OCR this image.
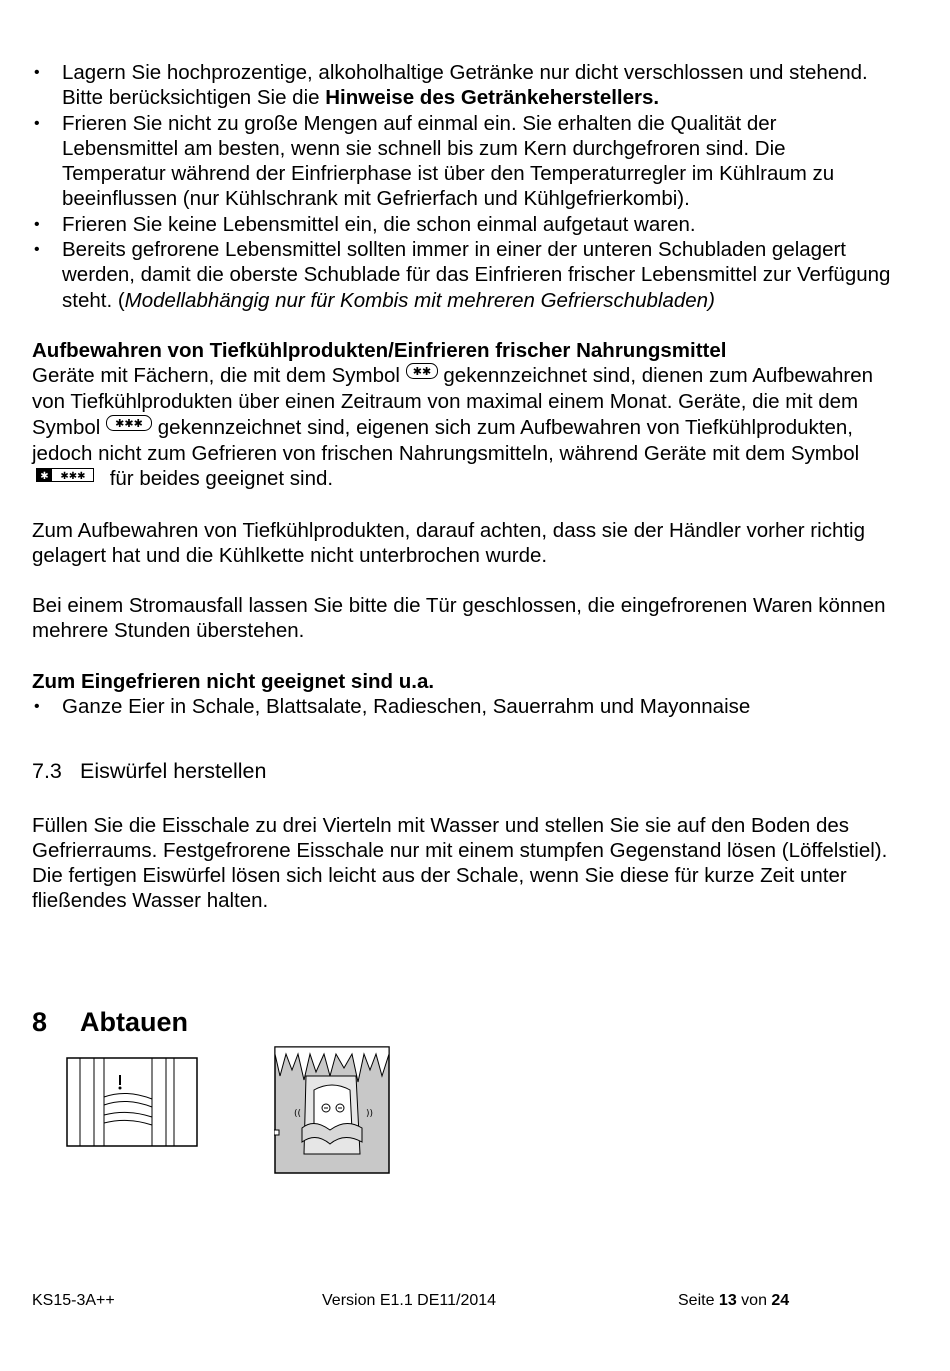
• Lagern Sie hochprozentige, alkoholhaltige Getränke nur dicht verschlossen und stehend. Bitte berücksichtigen Sie die Hinweise des Getränkeherstellers.
• Frieren Sie nicht zu große Mengen auf einmal ein. Sie erhalten die Qualität der Lebensmittel am besten, wenn sie schnell bis zum Kern durchgefroren sind. Die Temperatur während der Einfrierphase ist über den Temperaturregler im Kühlraum zu beeinflussen (nur Kühlschrank mit Gefrierfach und Kühlgefrierkombi).
• Frieren Sie keine Lebensmittel ein, die schon einmal aufgetaut waren.
• Bereits gefrorene Lebensmittel sollten immer in einer der unteren Schubladen gelagert werden, damit die oberste Schublade für das Einfrieren frischer Lebensmittel zur Verfügung steht. (Modellabhängig nur für Kombis mit mehreren Gefrierschubladen)

Aufbewahren von Tiefkühlprodukten/Einfrieren frischer Nahrungsmittel

Geräte mit Fächern, die mit dem Symbol ✱✱ gekennzeichnet sind, dienen zum Aufbewahren von Tiefkühlprodukten über einen Zeitraum von maximal einem Monat. Geräte, die mit dem Symbol ✱✱✱ gekennzeichnet sind, eigenen sich zum Aufbewahren von Tiefkühlprodukten, jedoch nicht zum Gefrieren von frischen Nahrungsmitteln, während Geräte mit dem Symbol
✱ ✱✱✱ für beides geeignet sind.

Zum Aufbewahren von Tiefkühlprodukten, darauf achten, dass sie der Händler vorher richtig gelagert hat und die Kühlkette nicht unterbrochen wurde.

Bei einem Stromausfall lassen Sie bitte die Tür geschlossen, die eingefrorenen Waren können mehrere Stunden überstehen.

Zum Eingefrieren nicht geeignet sind u.a.

• Ganze Eier in Schale, Blattsalate, Radieschen, Sauerrahm und Mayonnaise
7.3 Eiswürfel herstellen

Füllen Sie die Eisschale zu drei Vierteln mit Wasser und stellen Sie sie auf den Boden des Gefrierraums. Festgefrorene Eisschale nur mit einem stumpfen Gegenstand lösen (Löffelstiel). Die fertigen Eiswürfel lösen sich leicht aus der Schale, wenn Sie diese für kurze Zeit unter fließendes Wasser halten.

8 Abtauen
((	))
KS15-3A++	Version E1.1 DE11/2014	Seite 13 von 24
